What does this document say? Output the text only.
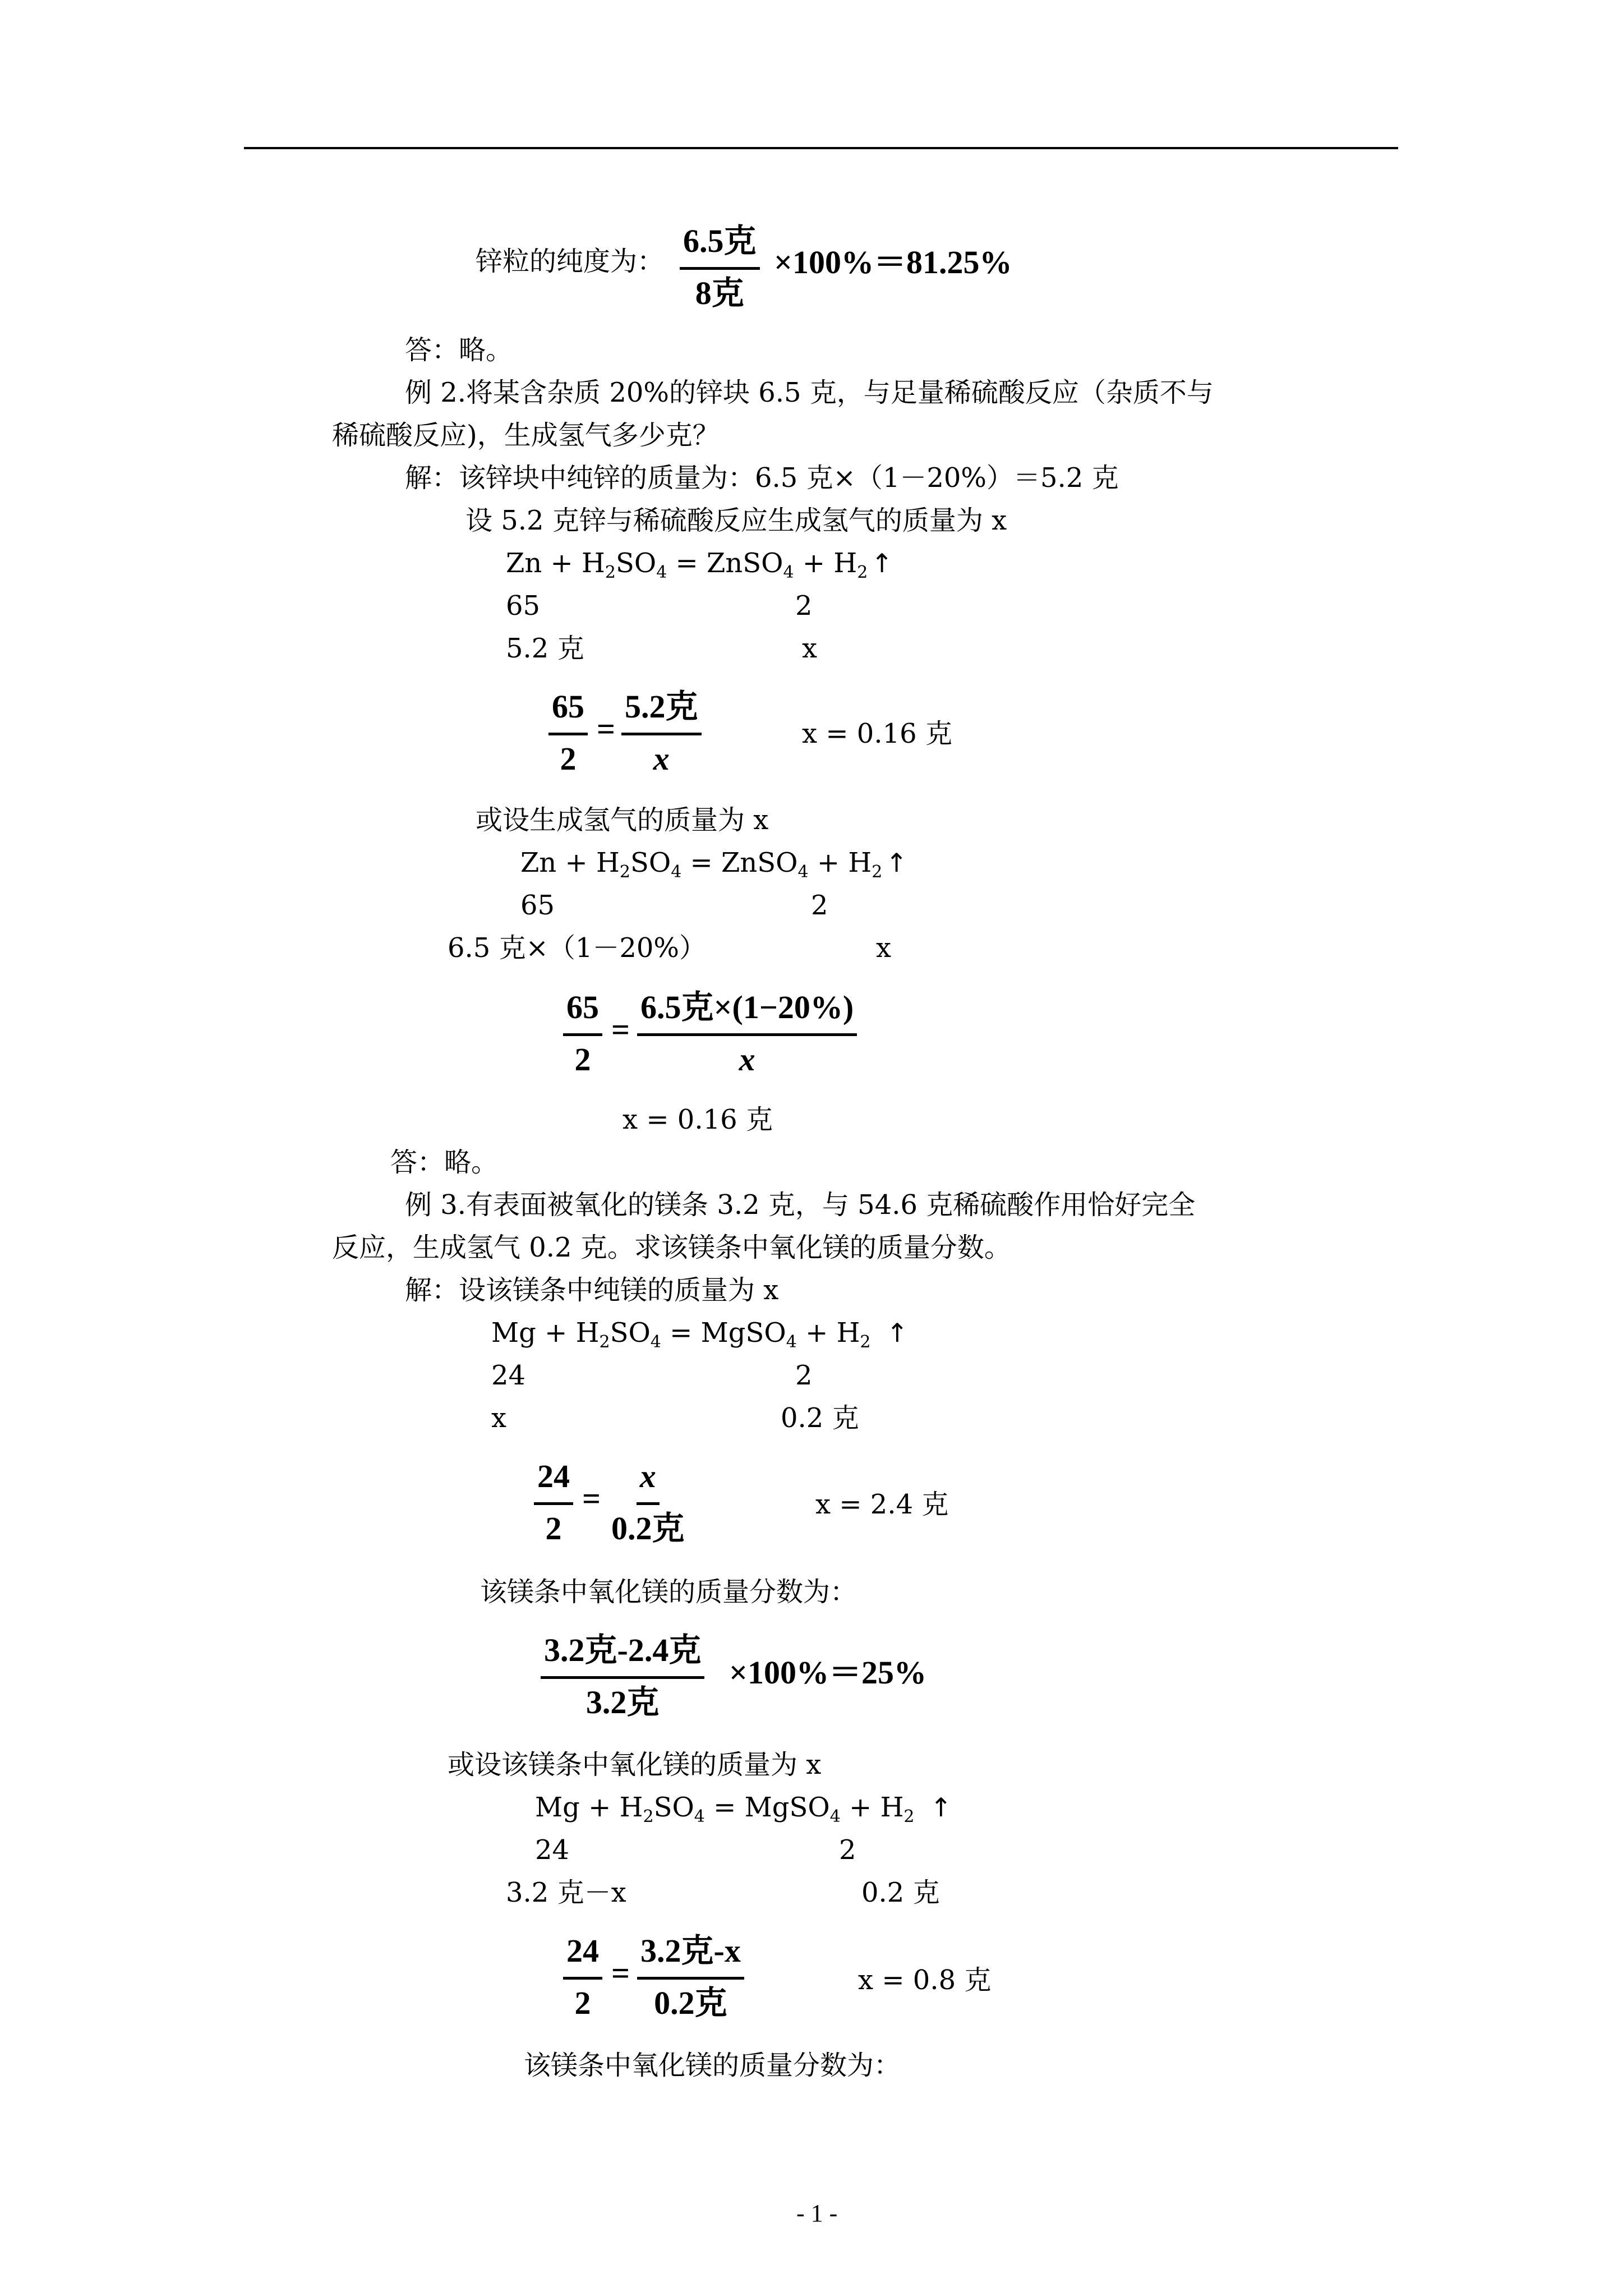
锌粒的纯度为：
6.5克
8克
×100%＝81.25%
答：略。
例 2.将某含杂质 20%的锌块 6.5 克，与足量稀硫酸反应（杂质不与
稀硫酸反应)，生成氢气多少克？
解：该锌块中纯锌的质量为：6.5 克×（1－20%）＝5.2 克
设 5.2 克锌与稀硫酸反应生成氢气的质量为 x
$Zn + H_2SO_4$ = ZnSO$_4$ + $H_2$ ↑
65	2
5.2 克	x
$\frac{65}{2}$ =
5.2克
x
x = 0.16 克
或设生成氢气的质量为 x
$Zn + H_2SO_4$ = ZnSO$_4$ + $H_2$ ↑
65	2
6.5 克×（1－20%）	x
$\frac{65}{2}$ =
6.5克×(1−20%)
x
x = 0.16 克
答：略。
例 3.有表面被氧化的镁条 3.2 克，与 54.6 克稀硫酸作用恰好完全
反应，生成氢气 0.2 克。求该镁条中氧化镁的质量分数。
解：设该镁条中纯镁的质量为 x
$Mg + H_2SO_4$ = MgSO$_4$ + $H_2$ ↑
24	2
x	0.2 克
$\frac{24}{2}$ =
x
0.2克
x = 2.4 克
该镁条中氧化镁的质量分数为：
3.2克-2.4克
3.2克
×100%＝25%
或设该镁条中氧化镁的质量为 x
$Mg + H_2SO_4$ = MgSO$_4$ + $H_2$ ↑
24	2
3.2 克－x	0.2 克
$\frac{24}{2}$ =
3.2克-x
0.2克
x = 0.8 克
该镁条中氧化镁的质量分数为：
- 1 -
